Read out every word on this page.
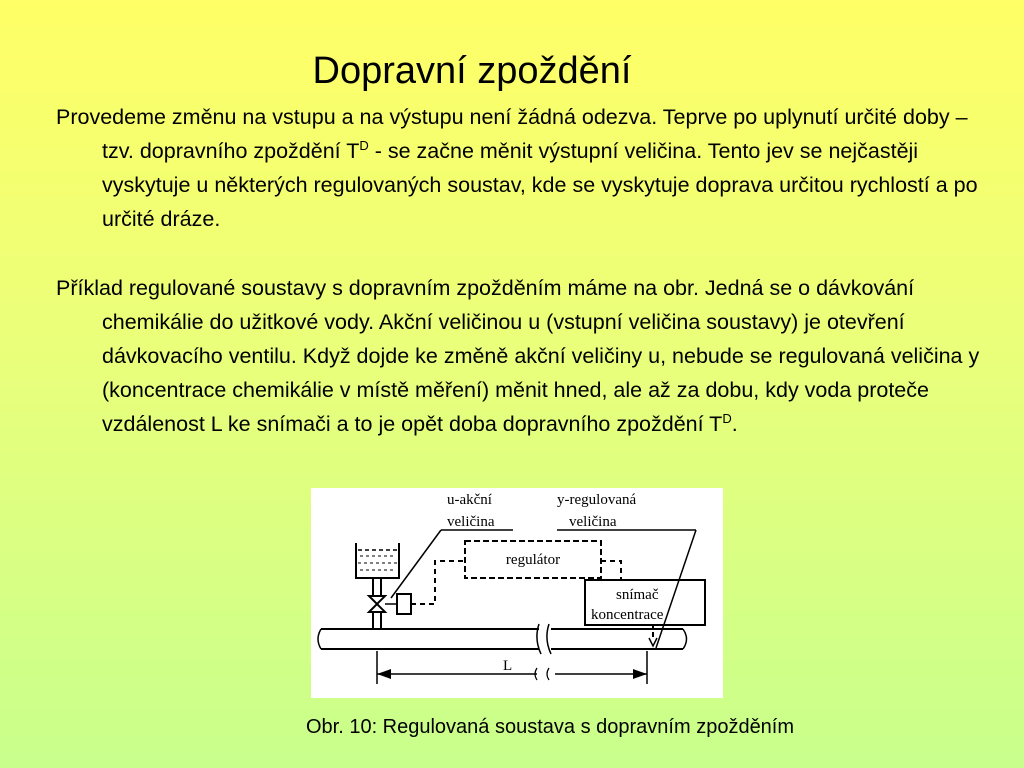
Dopravní zpoždění
Provedeme změnu na vstupu a na výstupu není žádná odezva. Teprve po uplynutí určité doby – tzv. dopravního zpoždění $T^D$ - se začne měnit výstupní veličina. Tento jev se nejčastěji vyskytuje u některých regulovaných soustav, kde se vyskytuje doprava určitou rychlostí a po určité dráze.
Příklad regulované soustavy s dopravním zpožděním máme na obr. Jedná se o dávkování chemikálie do užitkové vody. Akční veličinou u (vstupní veličina soustavy) je otevření dávkovacího ventilu. Když dojde ke změně akční veličiny u, nebude se regulovaná veličina y (koncentrace chemikálie v místě měření) měnit hned, ale až za dobu, kdy voda proteče vzdálenost L ke snímači a to je opět doba dopravního zpoždění $T^D$.
regulátor
snímač
koncentrace
u-akční
veličina
y-regulovaná
veličina
L
Obr. 10: Regulovaná soustava s dopravním zpožděním
